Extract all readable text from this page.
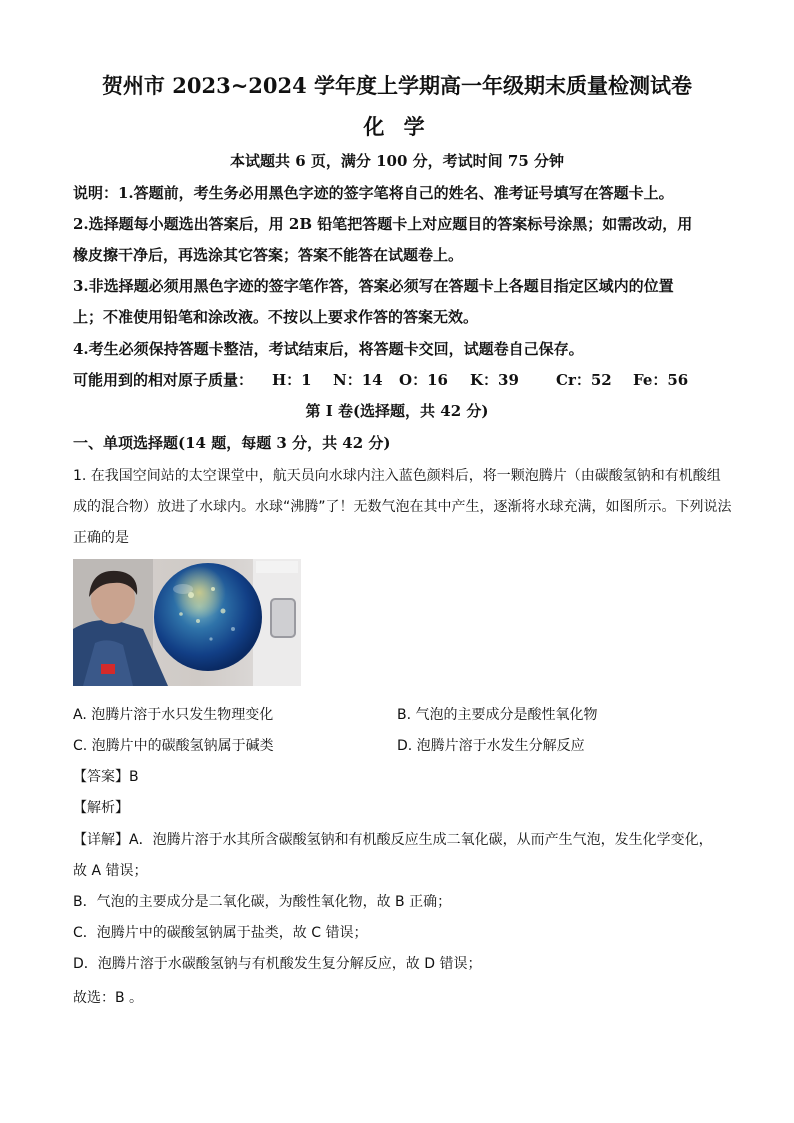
贺州市 2023~2024 学年度上学期高一年级期末质量检测试卷
化 学
本试题共 6 页，满分 100 分，考试时间 75 分钟
说明：1.答题前，考生务必用黑色字迹的签字笔将自己的姓名、准考证号填写在答题卡上。
2.选择题每小题选出答案后，用 2B 铅笔把答题卡上对应题目的答案标号涂黑；如需改动，用
橡皮擦干净后，再选涂其它答案；答案不能答在试题卷上。
3.非选择题必须用黑色字迹的签字笔作答，答案必须写在答题卡上各题目指定区域内的位置
上；不准使用铅笔和涂改液。不按以上要求作答的答案无效。
4.考生必须保持答题卡整洁，考试结束后，将答题卡交回，试题卷自己保存。
可能用到的相对原子质量： H：1 N：14 O：16 K：39 Cr：52 Fe：56
第 I 卷(选择题，共 42 分)
一、单项选择题(14 题，每题 3 分，共 42 分)
1. 在我国空间站的太空课堂中，航天员向水球内注入蓝色颜料后，将一颗泡腾片（由碳酸氢钠和有机酸组
成的混合物）放进了水球内。水球“沸腾”了！无数气泡在其中产生，逐渐将水球充满，如图所示。下列说法
正确的是
A. 泡腾片溶于水只发生物理变化	B. 气泡的主要成分是酸性氧化物
C. 泡腾片中的碳酸氢钠属于碱类	D. 泡腾片溶于水发生分解反应
【答案】B
【解析】
【详解】A．泡腾片溶于水其所含碳酸氢钠和有机酸反应生成二氧化碳，从而产生气泡，发生化学变化，
故 A 错误；
B．气泡的主要成分是二氧化碳，为酸性氧化物，故 B 正确；
C．泡腾片中的碳酸氢钠属于盐类，故 C 错误；
D．泡腾片溶于水碳酸氢钠与有机酸发生复分解反应，故 D 错误；
故选：B 。
